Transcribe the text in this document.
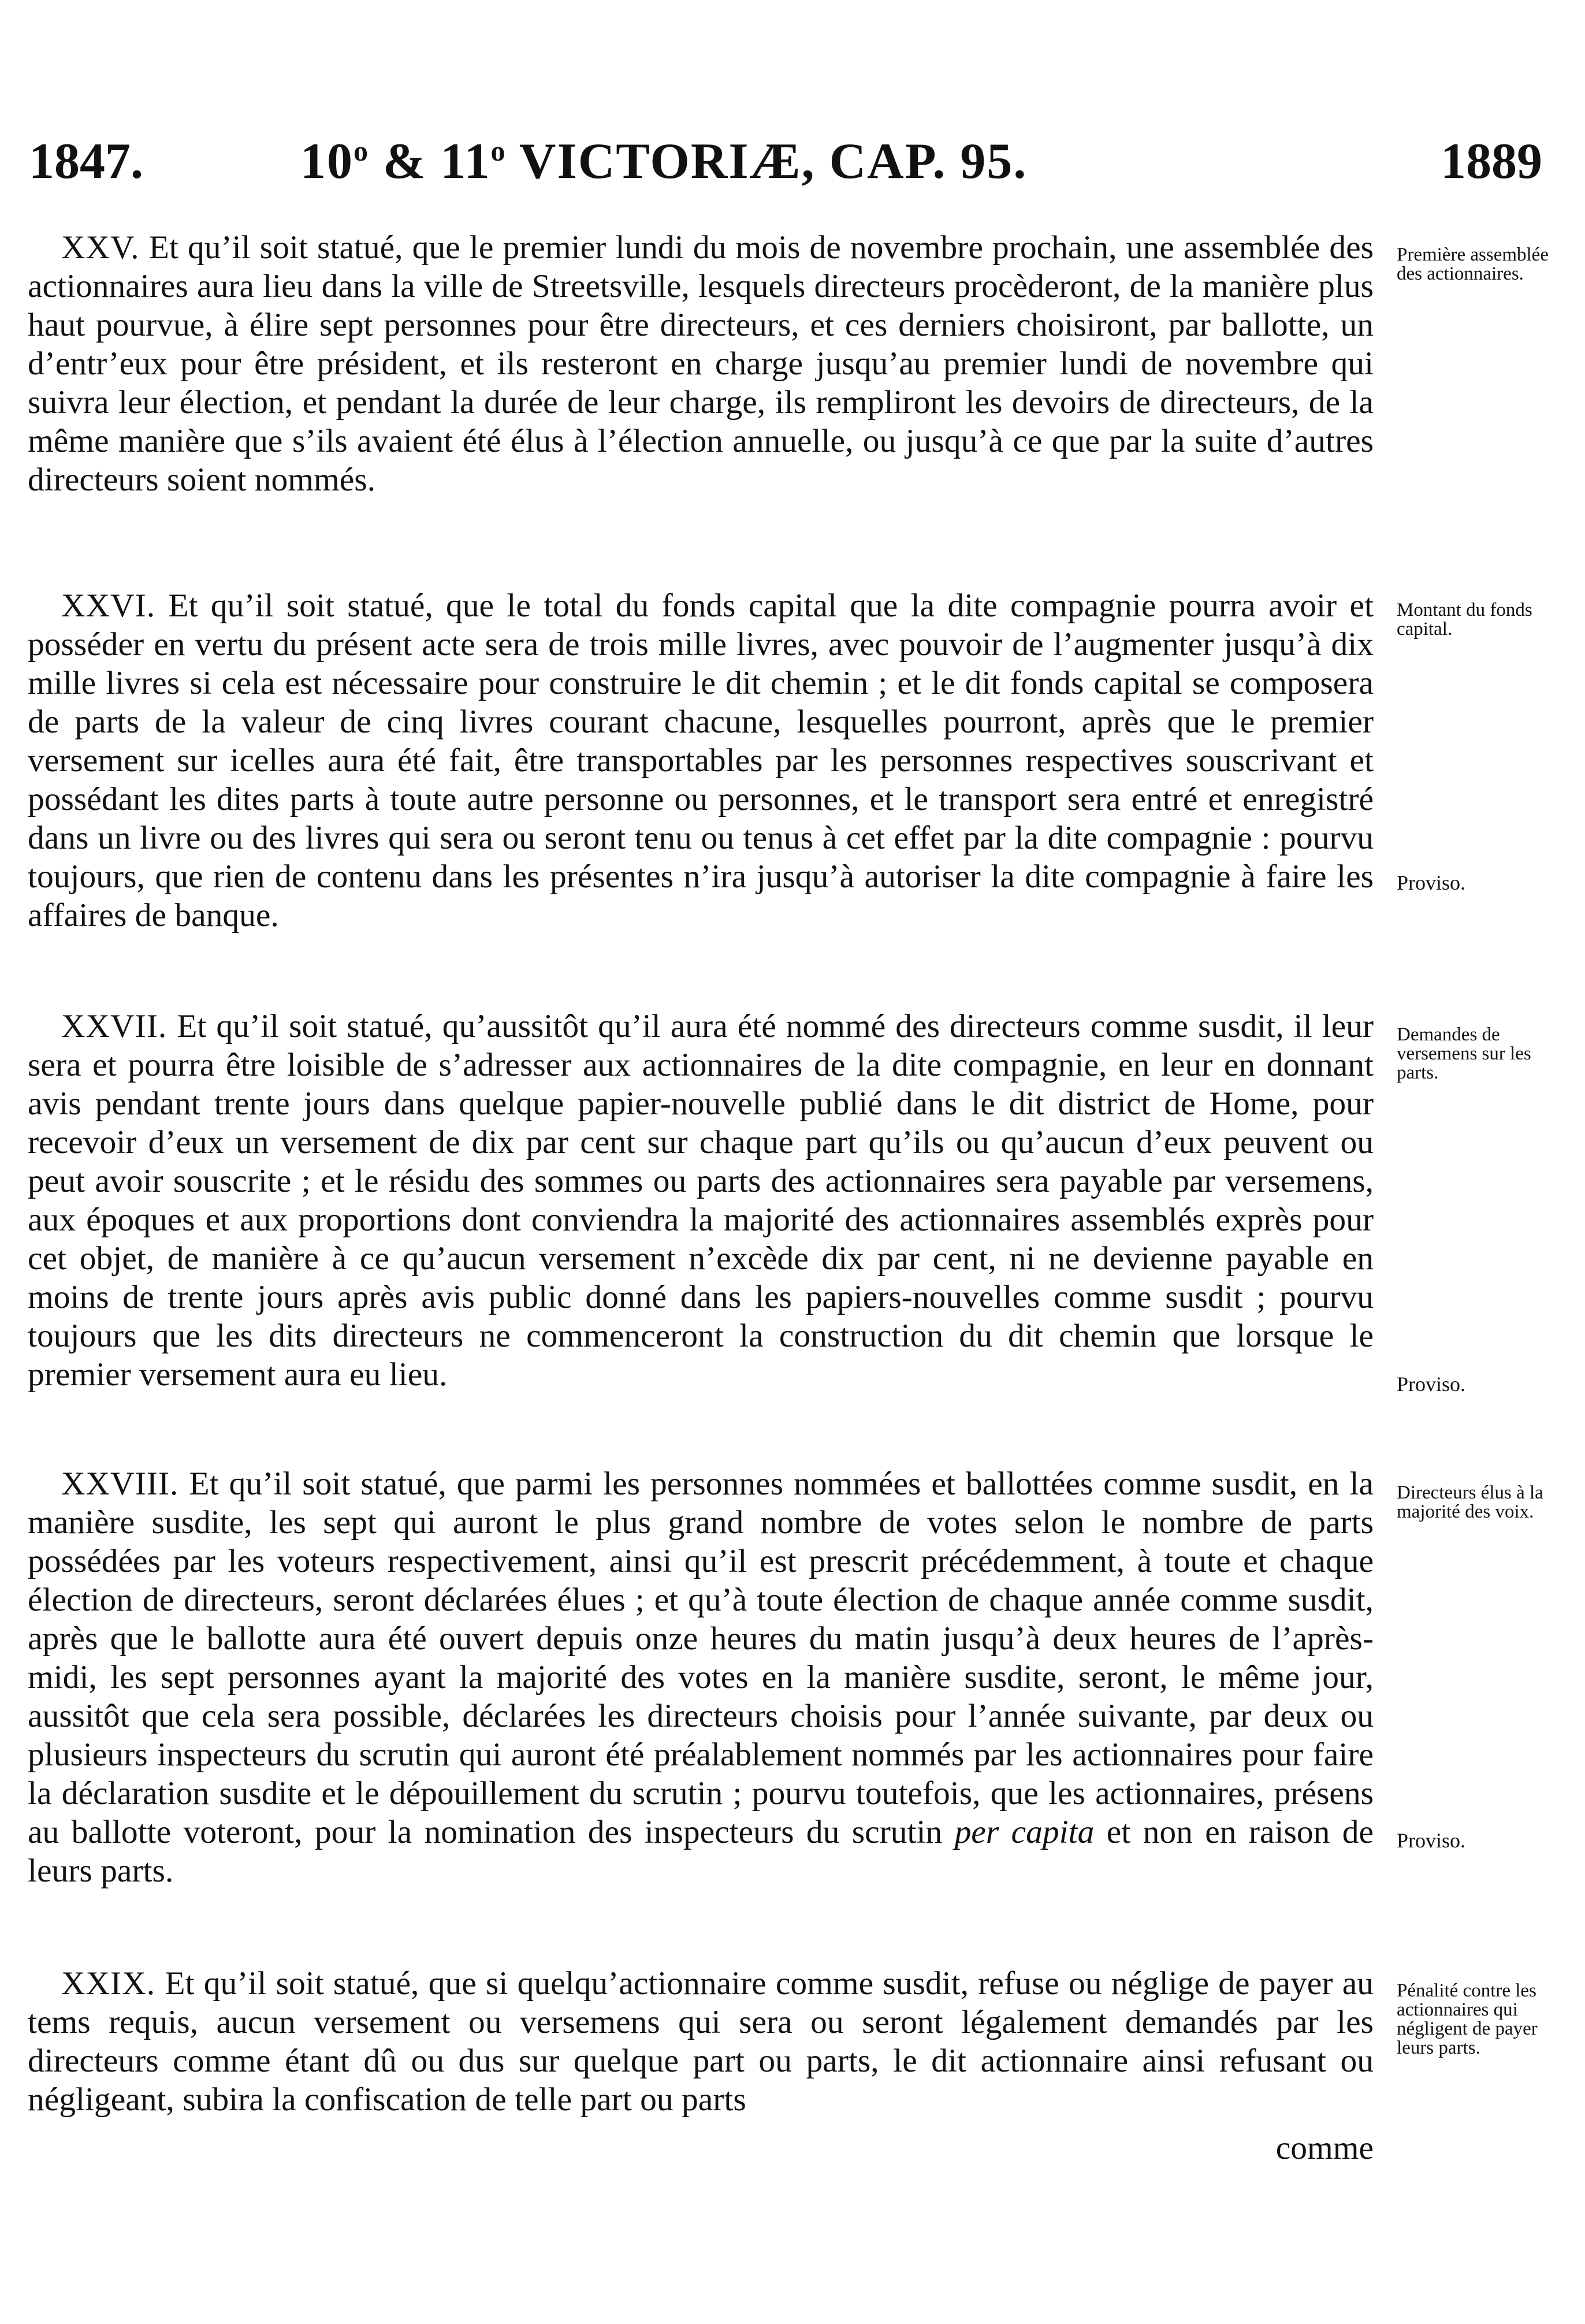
1847.	10$^o$ & 11$^o$ VICTORIÆ, CAP. 95.	1889

XXV. Et qu’il soit statué, que le premier lundi du mois de novembre prochain, une assemblée des actionnaires aura lieu dans la ville de Streetsville, lesquels directeurs procèderont, de la manière plus haut pourvue, à élire sept personnes pour être directeurs, et ces derniers choisiront, par ballotte, un d’entr’eux pour être président, et ils resteront en charge jusqu’au premier lundi de novembre qui suivra leur élection, et pendant la durée de leur charge, ils rempliront les devoirs de directeurs, de la même manière que s’ils avaient été élus à l’élection annuelle, ou jusqu’à ce que par la suite d’autres directeurs soient nommés.

Première assemblée des actionnaires.

XXVI. Et qu’il soit statué, que le total du fonds capital que la dite compagnie pourra avoir et posséder en vertu du présent acte sera de trois mille livres, avec pouvoir de l’augmenter jusqu’à dix mille livres si cela est nécessaire pour construire le dit chemin ; et le dit fonds capital se composera de parts de la valeur de cinq livres courant chacune, lesquelles pourront, après que le premier versement sur icelles aura été fait, être transportables par les personnes respectives souscrivant et possédant les dites parts à toute autre personne ou personnes, et le transport sera entré et enregistré dans un livre ou des livres qui sera ou seront tenu ou tenus à cet effet par la dite compagnie : pourvu toujours, que rien de contenu dans les présentes n’ira jusqu’à autoriser la dite compagnie à faire les affaires de banque.

Montant du fonds capital.
Proviso.

XXVII. Et qu’il soit statué, qu’aussitôt qu’il aura été nommé des directeurs comme susdit, il leur sera et pourra être loisible de s’adresser aux actionnaires de la dite compagnie, en leur en donnant avis pendant trente jours dans quelque papier-nouvelle publié dans le dit district de Home, pour recevoir d’eux un versement de dix par cent sur chaque part qu’ils ou qu’aucun d’eux peuvent ou peut avoir souscrite ; et le résidu des sommes ou parts des actionnaires sera payable par versemens, aux époques et aux proportions dont conviendra la majorité des actionnaires assemblés exprès pour cet objet, de manière à ce qu’aucun versement n’excède dix par cent, ni ne devienne payable en moins de trente jours après avis public donné dans les papiers-nouvelles comme susdit ; pourvu toujours que les dits directeurs ne commenceront la construction du dit chemin que lorsque le premier versement aura eu lieu.

Demandes de versemens sur les parts.
Proviso.

XXVIII. Et qu’il soit statué, que parmi les personnes nommées et ballottées comme susdit, en la manière susdite, les sept qui auront le plus grand nombre de votes selon le nombre de parts possédées par les voteurs respectivement, ainsi qu’il est prescrit précédemment, à toute et chaque élection de directeurs, seront déclarées élues ; et qu’à toute élection de chaque année comme susdit, après que le ballotte aura été ouvert depuis onze heures du matin jusqu’à deux heures de l’après-midi, les sept personnes ayant la majorité des votes en la manière susdite, seront, le même jour, aussitôt que cela sera possible, déclarées les directeurs choisis pour l’année suivante, par deux ou plusieurs inspecteurs du scrutin qui auront été préalablement nommés par les actionnaires pour faire la déclaration susdite et le dépouillement du scrutin ; pourvu toutefois, que les actionnaires, présens au ballotte voteront, pour la nomination des inspecteurs du scrutin per capita et non en raison de leurs parts.

Directeurs élus à la majorité des voix.
Proviso.

XXIX. Et qu’il soit statué, que si quelqu’actionnaire comme susdit, refuse ou néglige de payer au tems requis, aucun versement ou versemens qui sera ou seront légalement demandés par les directeurs comme étant dû ou dus sur quelque part ou parts, le dit actionnaire ainsi refusant ou négligeant, subira la confiscation de telle part ou parts

Pénalité contre les actionnaires qui négligent de payer leurs parts.
comme
